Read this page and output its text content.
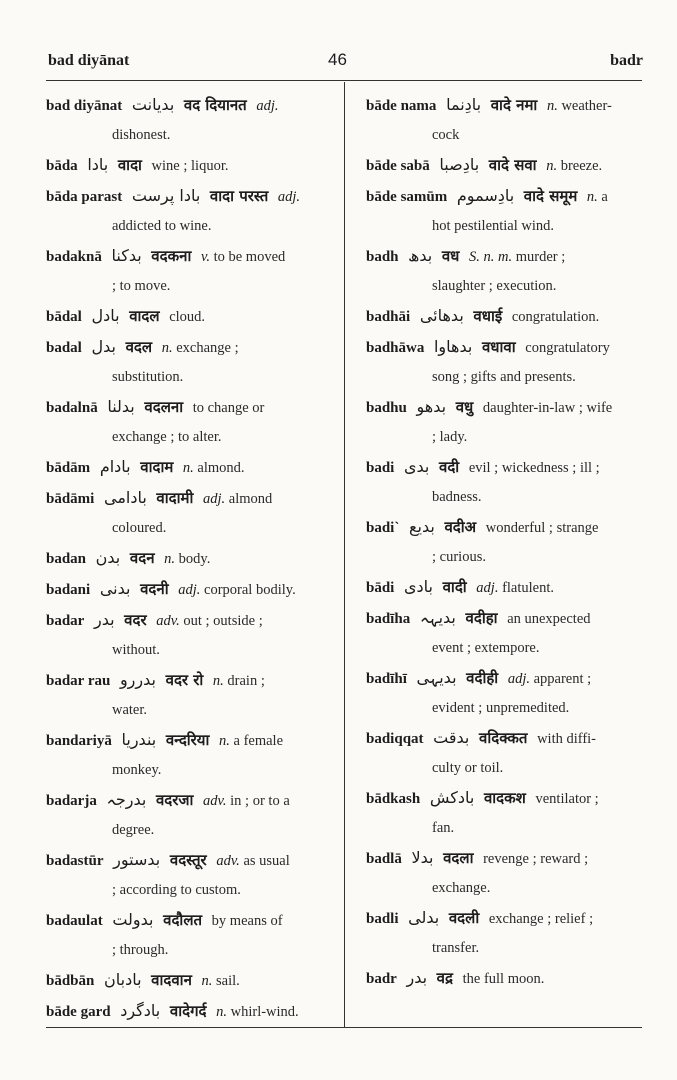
bad diyānat	46	badr
bad diyānat بدیانت वद दियानत adj.
dishonest.
bāda بادا वादा wine ; liquor.
bāda parast بادا پرست वादा परस्त adj.
addicted to wine.
badaknā بدکنا वदकना v. to be moved
; to move.
bādal بادل वादल cloud.
badal بدل वदल n. exchange ;
substitution.
badalnā بدلنا वदलना to change or
exchange ; to alter.
bādām بادام वादाम n. almond.
bādāmi بادامی वादामी adj. almond
coloured.
badan بدن वदन n. body.
badani بدنی वदनी adj. corporal bodily.
badar بدر वदर adv. out ; outside ;
without.
badar rau بدررو वदर रो n. drain ;
water.
bandariyā بندریا वन्दरिया n. a female
monkey.
badarja بدرجہ वदरजा adv. in ; or to a
degree.
badastūr بدستور वदस्तूर adv. as usual
; according to custom.
badaulat بدولت वदौलत by means of
; through.
bādbān بادبان वादवान n. sail.
bāde gard بادگرد वादेगर्द n. whirl-wind.
bāde nama بادِنما वादे नमा n. weather-
cock
bāde sabā بادِصبا वादे सवा n. breeze.
bāde samūm بادِسموم वादे समूम n. a
hot pestilential wind.
badh بدھ वध S. n. m. murder ;
slaughter ; execution.
badhāi بدھائی वधाई congratulation.
badhāwa بدھاوا वधावा congratulatory
song ; gifts and presents.
badhu بدھو वधु daughter-in-law ; wife
; lady.
badi بدی वदी evil ; wickedness ; ill ;
badness.
badi` بدیع वदीअ wonderful ; strange
; curious.
bādi بادی वादी adj. flatulent.
badīha بدیہہ वदीहा an unexpected
event ; extempore.
badīhī بدیہی वदीही adj. apparent ;
evident ; unpremedited.
badiqqat بدقت वदिक्कत with diffi-
culty or toil.
bādkash بادکش वादकश ventilator ;
fan.
badlā بدلا वदला revenge ; reward ;
exchange.
badli بدلی वदली exchange ; relief ;
transfer.
badr بدر वद्र the full moon.
